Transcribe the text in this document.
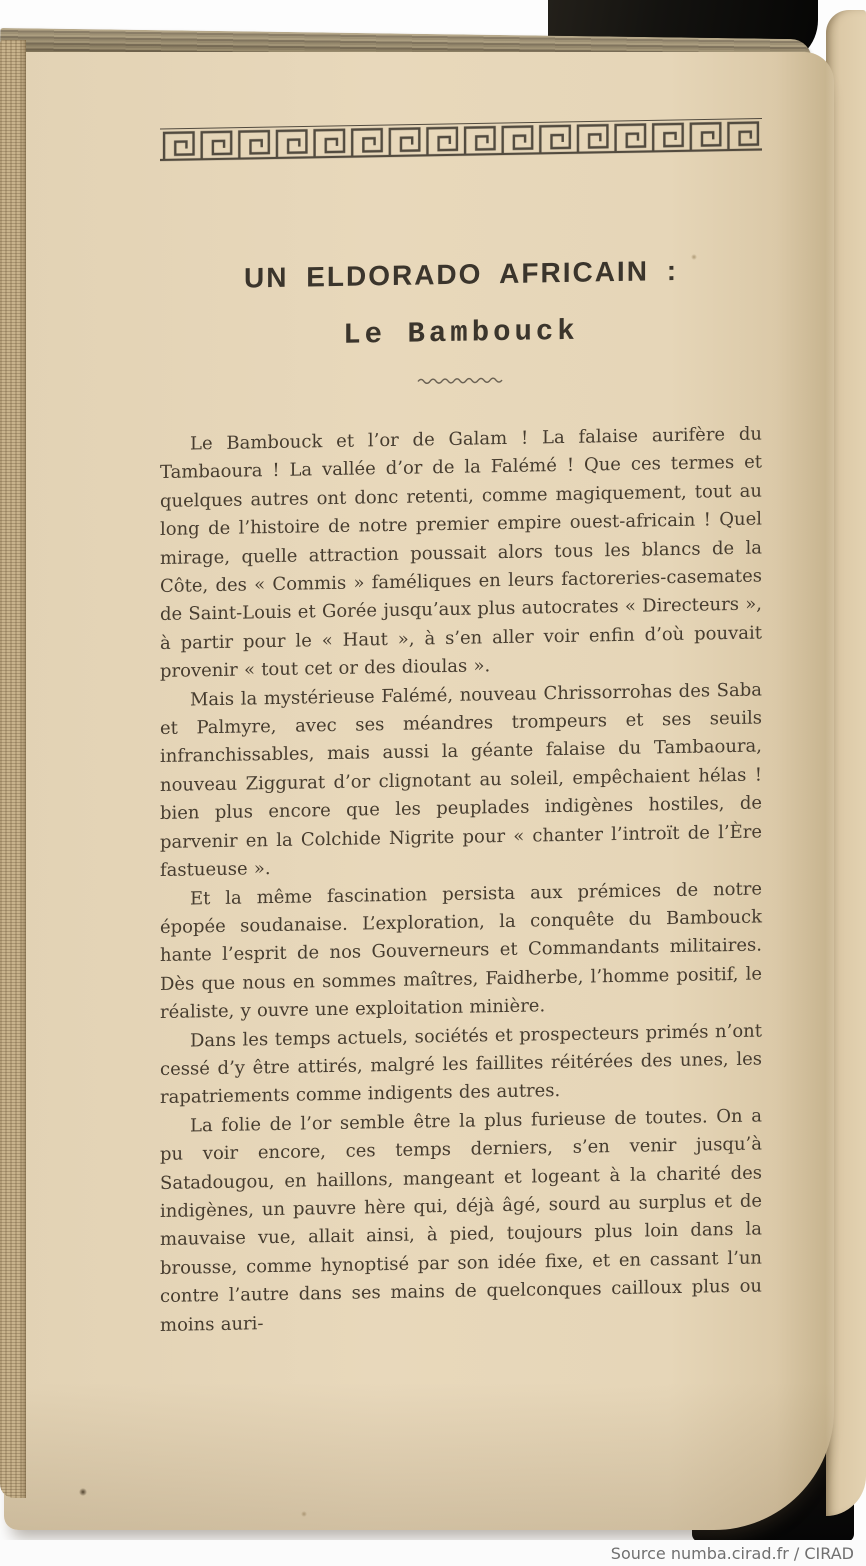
UN ELDORADO AFRICAIN :
Le Bambouck

Le Bambouck et l’or de Galam ! La falaise aurifère du Tambaoura ! La vallée d’or de la Falémé ! Que ces termes et quelques autres ont donc retenti, comme magiquement, tout au long de l’histoire de notre premier empire ouest-africain ! Quel mirage, quelle attraction poussait alors tous les blancs de la Côte, des « Commis » faméliques en leurs factoreries-casemates de Saint-Louis et Gorée jusqu’aux plus autocrates « Directeurs », à partir pour le « Haut », à s’en aller voir enfin d’où pouvait provenir « tout cet or des dioulas ».

Mais la mystérieuse Falémé, nouveau Chrissorrohas des Saba et Palmyre, avec ses méandres trompeurs et ses seuils infranchissables, mais aussi la géante falaise du Tambaoura, nouveau Ziggurat d’or clignotant au soleil, empêchaient hélas ! bien plus encore que les peuplades indigènes hostiles, de parvenir en la Colchide Nigrite pour « chanter l’introït de l’Ère fastueuse ».

Et la même fascination persista aux prémices de notre épopée soudanaise. L’exploration, la conquête du Bambouck hante l’esprit de nos Gouverneurs et Commandants militaires. Dès que nous en sommes maîtres, Faidherbe, l’homme positif, le réaliste, y ouvre une exploitation minière.

Dans les temps actuels, sociétés et prospecteurs primés n’ont cessé d’y être attirés, malgré les faillites réitérées des unes, les rapatriements comme indigents des autres.

La folie de l’or semble être la plus furieuse de toutes. On a pu voir encore, ces temps derniers, s’en venir jusqu’à Satadougou, en haillons, mangeant et logeant à la charité des indigènes, un pauvre hère qui, déjà âgé, sourd au surplus et de mauvaise vue, allait ainsi, à pied, toujours plus loin dans la brousse, comme hynoptisé par son idée fixe, et en cassant l’un contre l’autre dans ses mains de quelconques cailloux plus ou moins auri-

Source numba.cirad.fr / CIRAD
